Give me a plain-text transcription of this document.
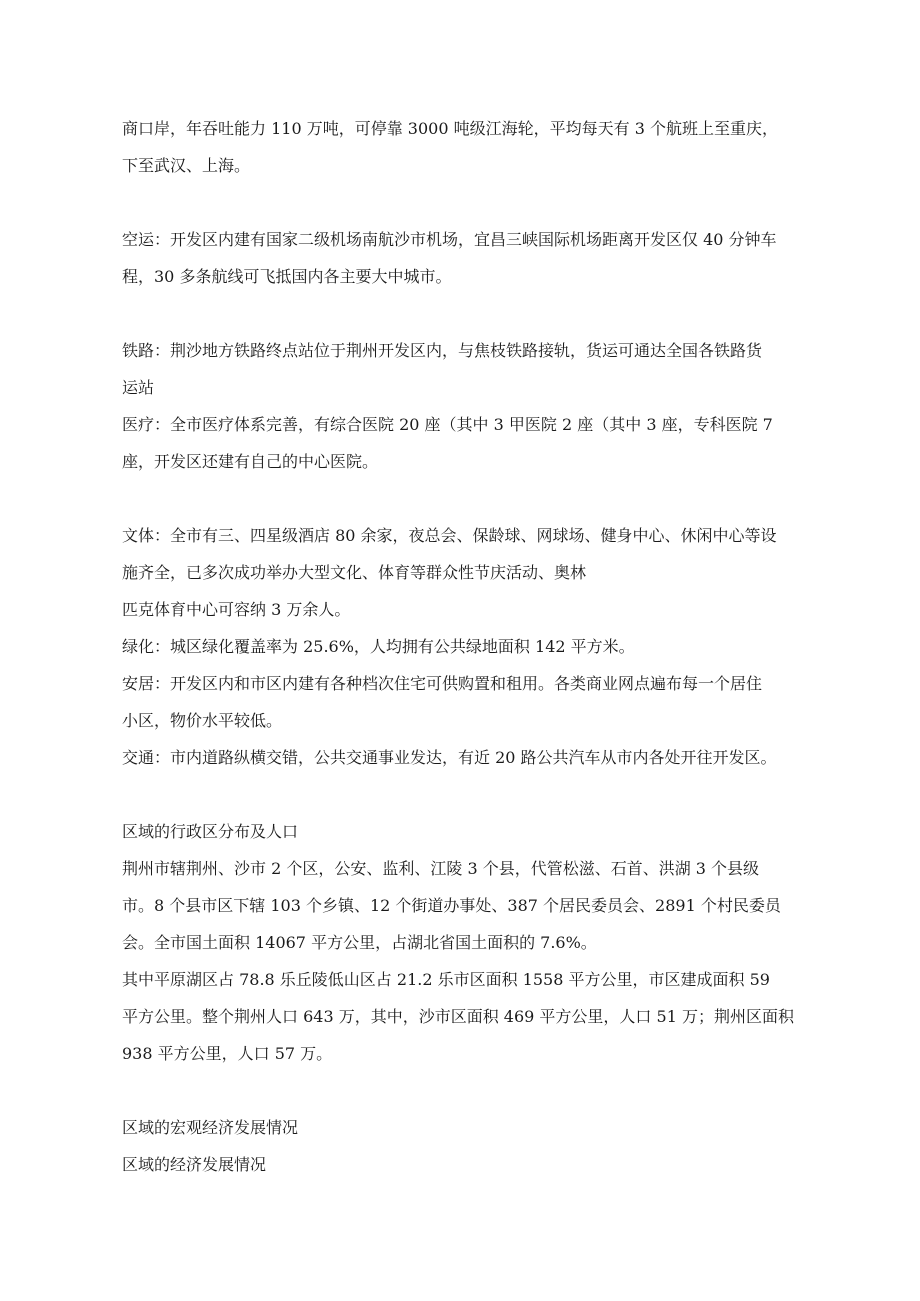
商口岸，年吞吐能力 110 万吨，可停靠 3000 吨级江海轮，平均每天有 3 个航班上至重庆，

下至武汉、上海。

空运：开发区内建有国家二级机场南航沙市机场，宜昌三峡国际机场距离开发区仅 40 分钟车

程，30 多条航线可飞抵国内各主要大中城市。

铁路：荆沙地方铁路终点站位于荆州开发区内，与焦枝铁路接轨，货运可通达全国各铁路货

运站

医疗：全市医疗体系完善，有综合医院 20 座（其中 3 甲医院 2 座（其中 3 座，专科医院 7

座，开发区还建有自己的中心医院。

文体：全市有三、四星级酒店 80 余家，夜总会、保龄球、网球场、健身中心、休闲中心等设

施齐全，已多次成功举办大型文化、体育等群众性节庆活动、奥林

匹克体育中心可容纳 3 万余人。

绿化：城区绿化覆盖率为 25.6%，人均拥有公共绿地面积 142 平方米。

安居：开发区内和市区内建有各种档次住宅可供购置和租用。各类商业网点遍布每一个居住

小区，物价水平较低。

交通：市内道路纵横交错，公共交通事业发达，有近 20 路公共汽车从市内各处开往开发区。

区域的行政区分布及人口

荆州市辖荆州、沙市 2 个区，公安、监利、江陵 3 个县，代管松滋、石首、洪湖 3 个县级

市。8 个县市区下辖 103 个乡镇、12 个街道办事处、387 个居民委员会、2891 个村民委员

会。全市国土面积 14067 平方公里，占湖北省国土面积的 7.6%。

其中平原湖区占 78.8 乐丘陵低山区占 21.2 乐市区面积 1558 平方公里，市区建成面积 59

平方公里。整个荆州人口 643 万，其中，沙市区面积 469 平方公里，人口 51 万；荆州区面积

938 平方公里，人口 57 万。

区域的宏观经济发展情况

区域的经济发展情况
